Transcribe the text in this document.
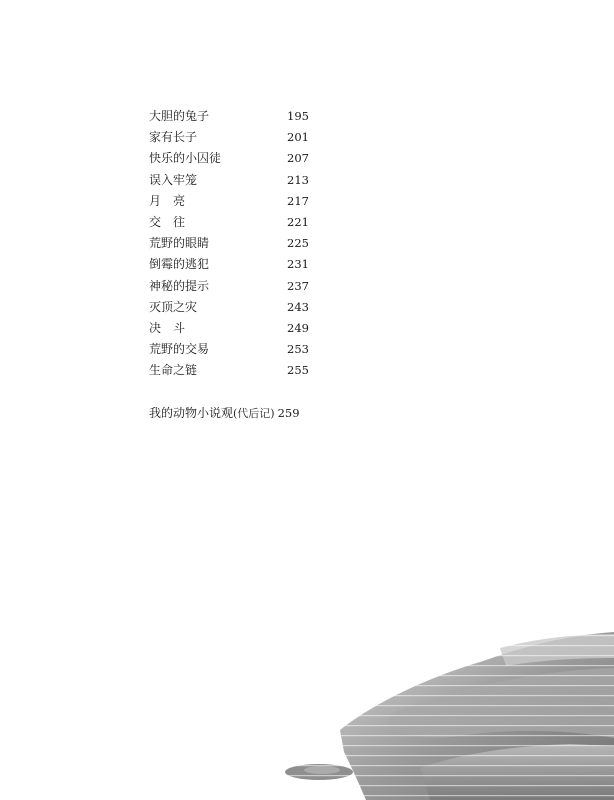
大胆的兔子	195
家有长子	201
快乐的小囚徒	207
误入牢笼	213
月　亮	217
交　往	221
荒野的眼睛	225
倒霉的逃犯	231
神秘的提示	237
灭顶之灾	243
决　斗	249
荒野的交易	253
生命之链	255
我的动物小说观(代后记) 259
